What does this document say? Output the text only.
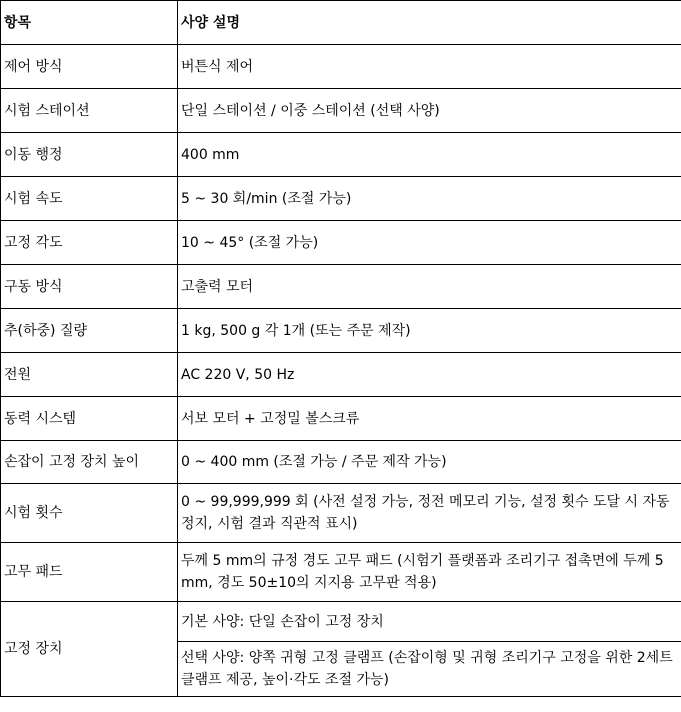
항목	사양 설명
제어 방식	버튼식 제어
시험 스테이션	단일 스테이션 / 이중 스테이션 (선택 사양)
이동 행정	400 mm
시험 속도	5 ~ 30 회/min (조절 가능)
고정 각도	10 ~ 45° (조절 가능)
구동 방식	고출력 모터
추(하중) 질량	1 kg, 500 g 각 1개 (또는 주문 제작)
전원	AC 220 V, 50 Hz
동력 시스템	서보 모터 + 고정밀 볼스크류
손잡이 고정 장치 높이	0 ~ 400 mm (조절 가능 / 주문 제작 가능)
시험 횟수	0 ~ 99,999,999 회 (사전 설정 가능, 정전 메모리 기능, 설정 횟수 도달 시 자동 정지, 시험 결과 직관적 표시)
고무 패드	두께 5 mm의 규정 경도 고무 패드 (시험기 플랫폼과 조리기구 접촉면에 두께 5 mm, 경도 50±10의 지지용 고무판 적용)
고정 장치	기본 사양: 단일 손잡이 고정 장치
	선택 사양: 양쪽 귀형 고정 클램프 (손잡이형 및 귀형 조리기구 고정을 위한 2세트 클램프 제공, 높이·각도 조절 가능)
